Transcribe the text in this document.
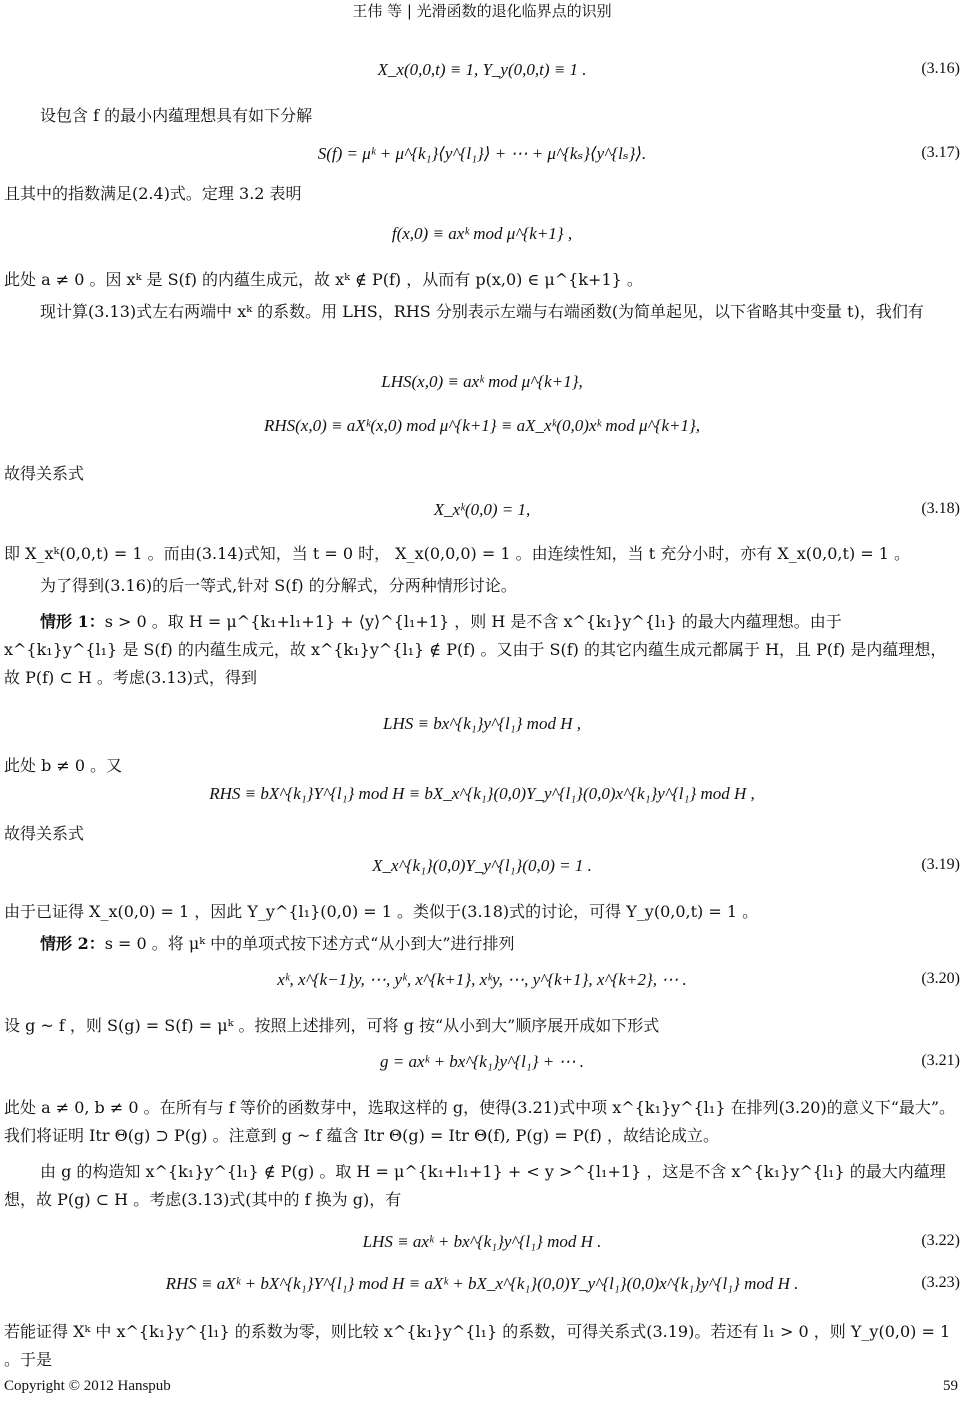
王伟 等 | 光滑函数的退化临界点的识别
X_x(0,0,t) ≡ 1, Y_y(0,0,t) ≡ 1 .	(3.16)
设包含 f 的最小内蕴理想具有如下分解
S(f) = μᵏ + μ^{k₁}⟨y^{l₁}⟩ + ⋯ + μ^{kₛ}⟨y^{lₛ}⟩.	(3.17)
且其中的指数满足(2.4)式。定理 3.2 表明
f(x,0) ≡ axᵏ mod μ^{k+1} ,
此处 a ≠ 0 。因 xᵏ 是 S(f) 的内蕴生成元，故 xᵏ ∉ P(f) ，从而有 p(x,0) ∈ μ^{k+1} 。
现计算(3.13)式左右两端中 xᵏ 的系数。用 LHS，RHS 分别表示左端与右端函数(为简单起见，以下省略其中变量 t)，我们有
LHS(x,0) ≡ axᵏ mod μ^{k+1},
RHS(x,0) ≡ aXᵏ(x,0) mod μ^{k+1} ≡ aX_xᵏ(0,0)xᵏ mod μ^{k+1},
故得关系式
X_xᵏ(0,0) = 1,	(3.18)
即 X_xᵏ(0,0,t) = 1 。而由(3.14)式知，当 t = 0 时， X_x(0,0,0) = 1 。由连续性知，当 t 充分小时，亦有 X_x(0,0,t) = 1 。
为了得到(3.16)的后一等式,针对 S(f) 的分解式，分两种情形讨论。
情形 1：s > 0 。取 H = μ^{k₁+l₁+1} + ⟨y⟩^{l₁+1} ，则 H 是不含 x^{k₁}y^{l₁} 的最大内蕴理想。由于 x^{k₁}y^{l₁} 是 S(f) 的内蕴生成元，故 x^{k₁}y^{l₁} ∉ P(f) 。又由于 S(f) 的其它内蕴生成元都属于 H，且 P(f) 是内蕴理想，故 P(f) ⊂ H 。考虑(3.13)式，得到
LHS ≡ bx^{k₁}y^{l₁} mod H ,
此处 b ≠ 0 。又
RHS ≡ bX^{k₁}Y^{l₁} mod H ≡ bX_x^{k₁}(0,0)Y_y^{l₁}(0,0)x^{k₁}y^{l₁} mod H ,
故得关系式
X_x^{k₁}(0,0)Y_y^{l₁}(0,0) = 1 .	(3.19)
由于已证得 X_x(0,0) = 1 ，因此 Y_y^{l₁}(0,0) = 1 。类似于(3.18)式的讨论，可得 Y_y(0,0,t) = 1 。
情形 2：s = 0 。将 μᵏ 中的单项式按下述方式“从小到大”进行排列
xᵏ, x^{k−1}y, ⋯, yᵏ, x^{k+1}, xᵏy, ⋯, y^{k+1}, x^{k+2}, ⋯ .	(3.20)
设 g ~ f ，则 S(g) = S(f) = μᵏ 。按照上述排列，可将 g 按“从小到大”顺序展开成如下形式
g = axᵏ + bx^{k₁}y^{l₁} + ⋯ .	(3.21)
此处 a ≠ 0, b ≠ 0 。在所有与 f 等价的函数芽中，选取这样的 g，使得(3.21)式中项 x^{k₁}y^{l₁} 在排列(3.20)的意义下“最大”。我们将证明 Itr Θ(g) ⊃ P(g) 。注意到 g ~ f 蕴含 Itr Θ(g) = Itr Θ(f), P(g) = P(f) ，故结论成立。
由 g 的构造知 x^{k₁}y^{l₁} ∉ P(g) 。取 H = μ^{k₁+l₁+1} + < y >^{l₁+1} ，这是不含 x^{k₁}y^{l₁} 的最大内蕴理想，故 P(g) ⊂ H 。考虑(3.13)式(其中的 f 换为 g)，有
LHS ≡ axᵏ + bx^{k₁}y^{l₁} mod H .	(3.22)
RHS ≡ aXᵏ + bX^{k₁}Y^{l₁} mod H ≡ aXᵏ + bX_x^{k₁}(0,0)Y_y^{l₁}(0,0)x^{k₁}y^{l₁} mod H .	(3.23)
若能证得 Xᵏ 中 x^{k₁}y^{l₁} 的系数为零，则比较 x^{k₁}y^{l₁} 的系数，可得关系式(3.19)。若还有 l₁ > 0 ，则 Y_y(0,0) = 1 。于是
Copyright © 2012 Hanspub	59
